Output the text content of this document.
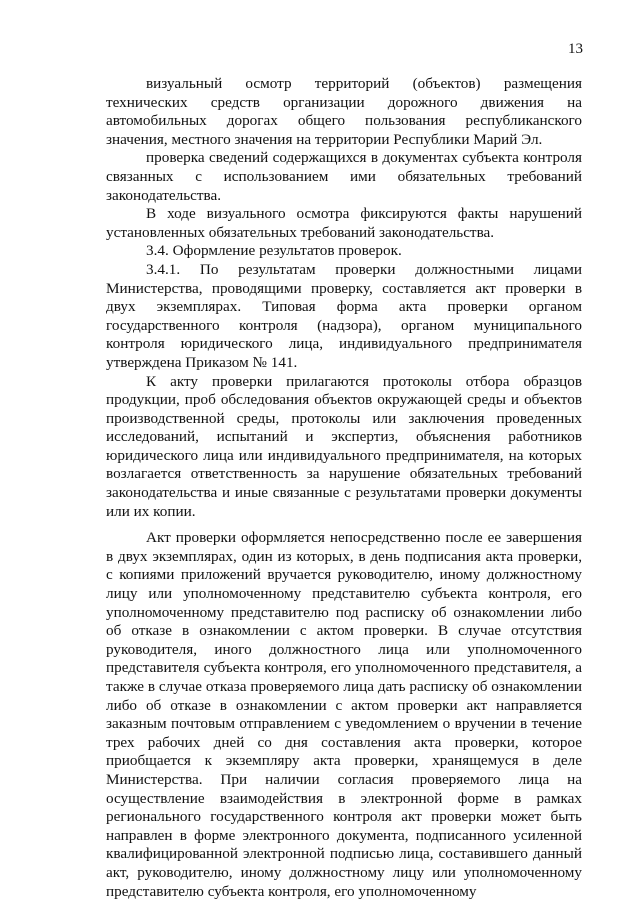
13

визуальный осмотр территорий (объектов) размещения технических средств организации дорожного движения на автомобильных дорогах общего пользования республиканского значения, местного значения на территории Республики Марий Эл.

проверка сведений содержащихся в документах субъекта контроля связанных с использованием ими обязательных требований законодательства.

В ходе визуального осмотра фиксируются факты нарушений установленных обязательных требований законодательства.

3.4. Оформление результатов проверок.

3.4.1. По результатам проверки должностными лицами Министерства, проводящими проверку, составляется акт проверки в двух экземплярах. Типовая форма акта проверки органом государственного контроля (надзора), органом муниципального контроля юридического лица, индивидуального предпринимателя утверждена Приказом № 141.

К акту проверки прилагаются протоколы отбора образцов продукции, проб обследования объектов окружающей среды и объектов производственной среды, протоколы или заключения проведенных исследований, испытаний и экспертиз, объяснения работников юридического лица или индивидуального предпринимателя, на которых возлагается ответственность за нарушение обязательных требований законодательства и иные связанные с результатами проверки документы или их копии.

Акт проверки оформляется непосредственно после ее завершения в двух экземплярах, один из которых, в день подписания акта проверки, с копиями приложений вручается руководителю, иному должностному лицу или уполномоченному представителю субъекта контроля, его уполномоченному представителю под расписку об ознакомлении либо об отказе в ознакомлении с актом проверки. В случае отсутствия руководителя, иного должностного лица или уполномоченного представителя субъекта контроля, его уполномоченного представителя, а также в случае отказа проверяемого лица дать расписку об ознакомлении либо об отказе в ознакомлении с актом проверки акт направляется заказным почтовым отправлением с уведомлением о вручении в течение трех рабочих дней со дня составления акта проверки, которое приобщается к экземпляру акта проверки, хранящемуся в деле Министерства. При наличии согласия проверяемого лица на осуществление взаимодействия в электронной форме в рамках регионального государственного контроля акт проверки может быть направлен в форме электронного документа, подписанного усиленной квалифицированной электронной подписью лица, составившего данный акт, руководителю, иному должностному лицу или уполномоченному представителю субъекта контроля, его уполномоченному
